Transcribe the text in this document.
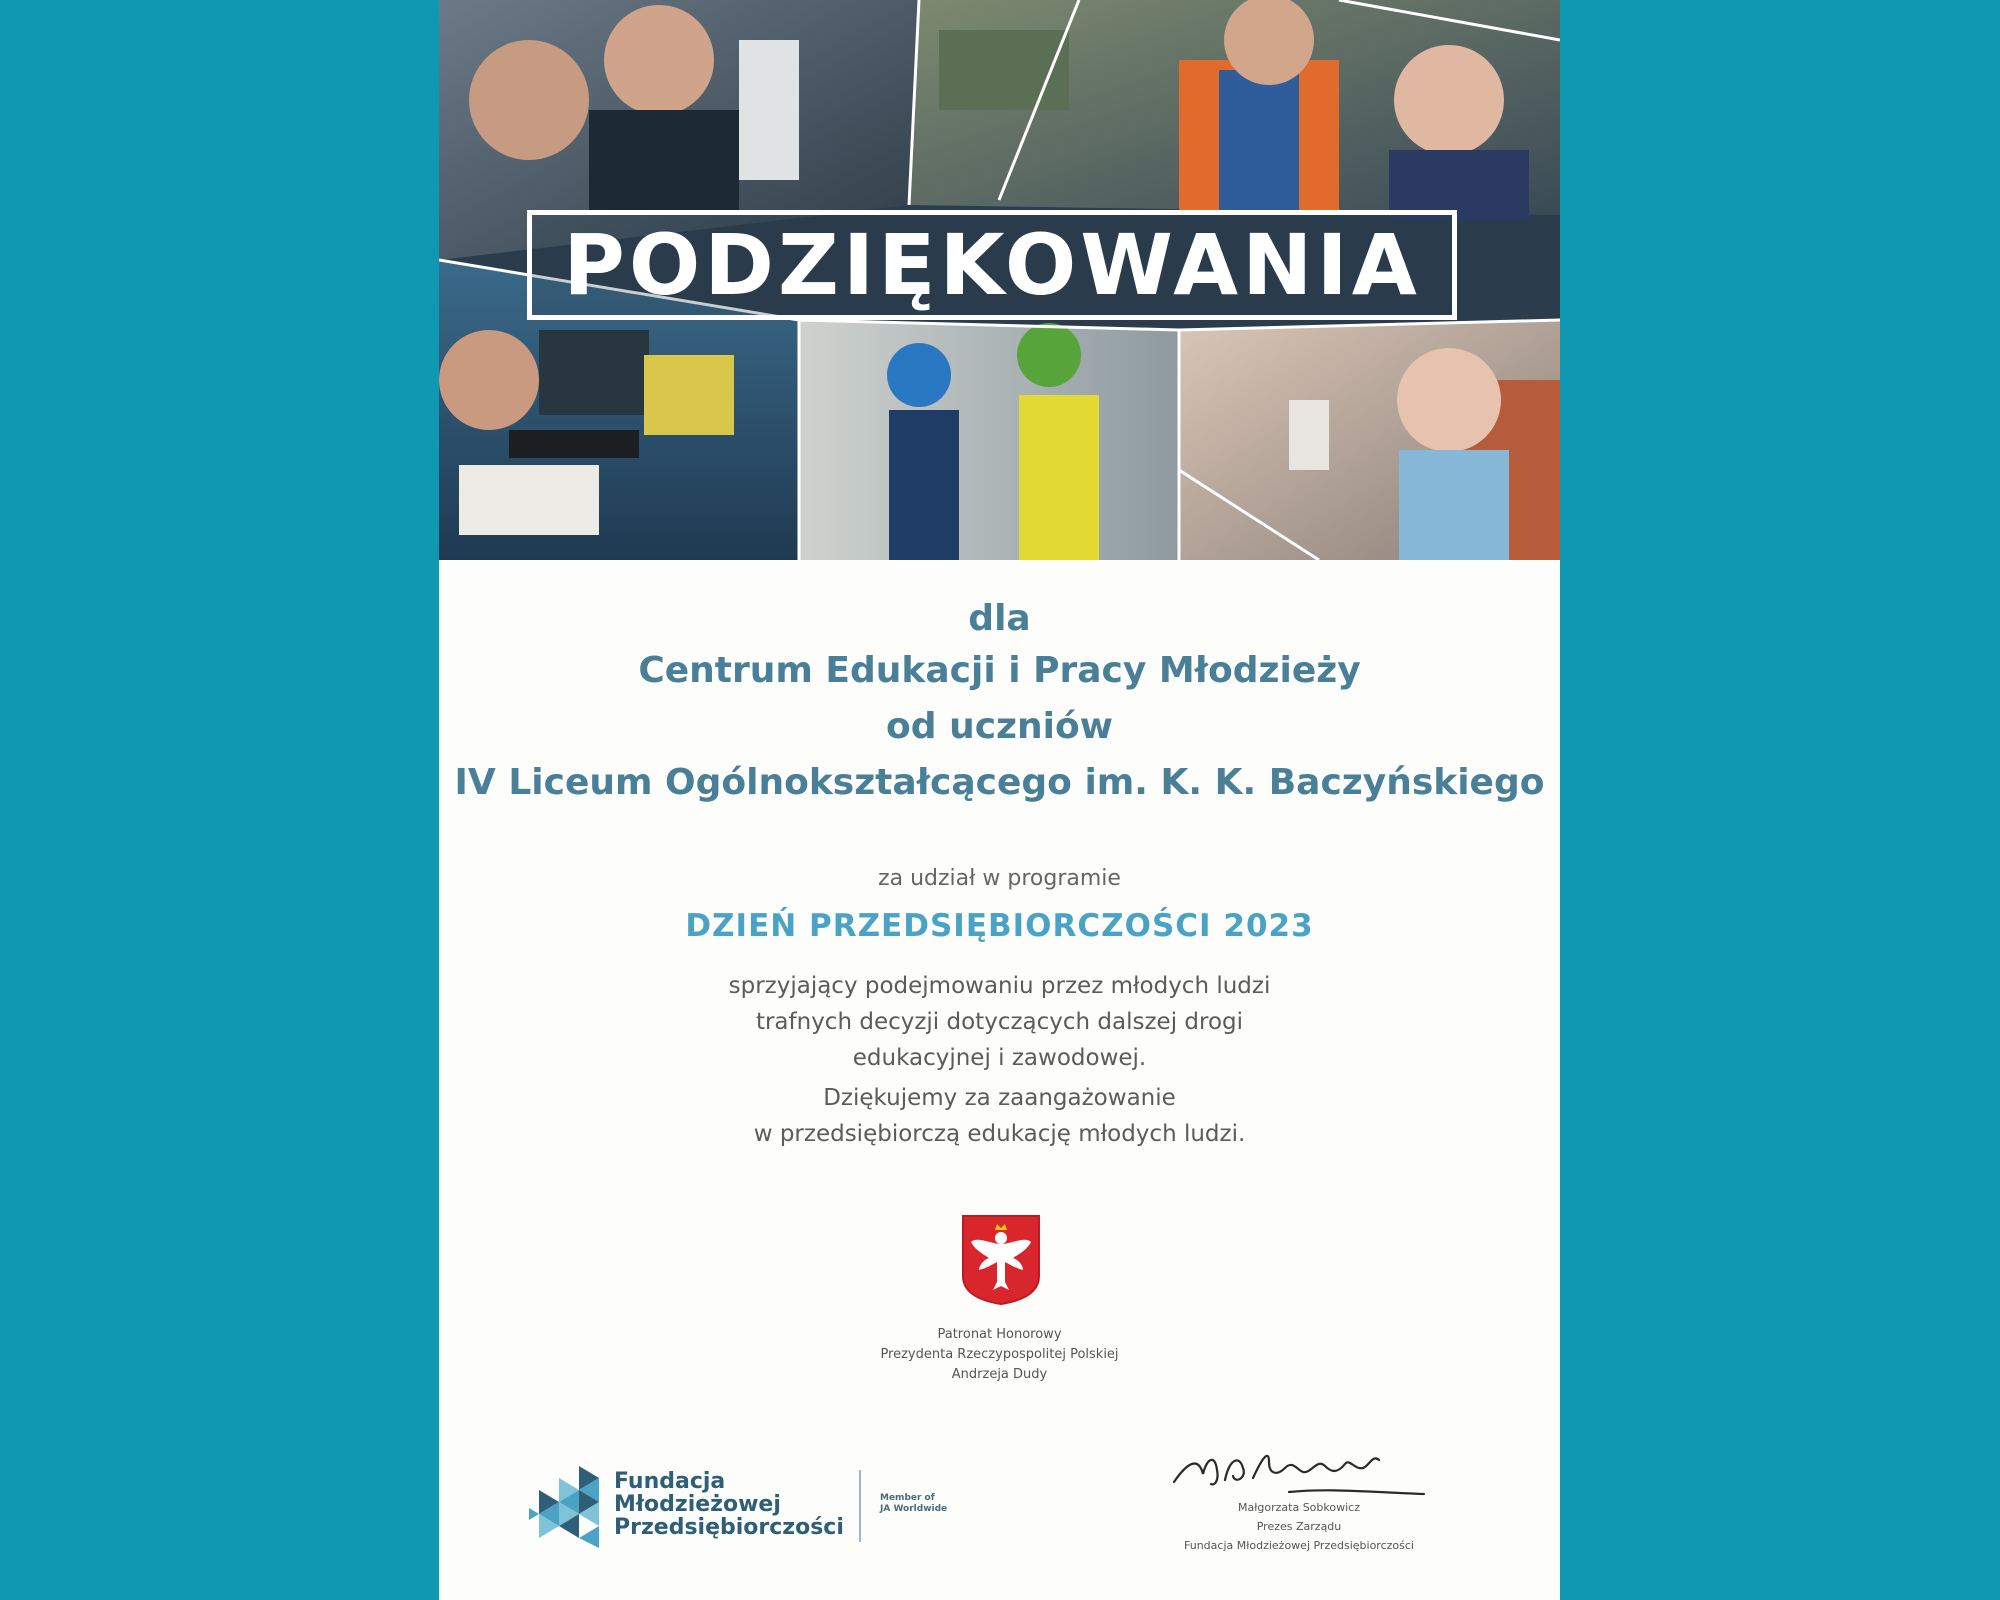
PODZIĘKOWANIA
dla
Centrum Edukacji i Pracy Młodzieży
od uczniów
IV Liceum Ogólnokształcącego im. K. K. Baczyńskiego
za udział w programie
DZIEŃ PRZEDSIĘBIORCZOŚCI 2023
sprzyjający podejmowaniu przez młodych ludzi
trafnych decyzji dotyczących dalszej drogi
edukacyjnej i zawodowej.
Dziękujemy za zaangażowanie
w przedsiębiorczą edukację młodych ludzi.
Patronat Honorowy
Prezydenta Rzeczypospolitej Polskiej
Andrzeja Dudy
Fundacja
Młodzieżowej
Przedsiębiorczości
Member of
JA Worldwide	Małgorzata Sobkowicz
Prezes Zarządu
Fundacja Młodzieżowej Przedsiębiorczości
